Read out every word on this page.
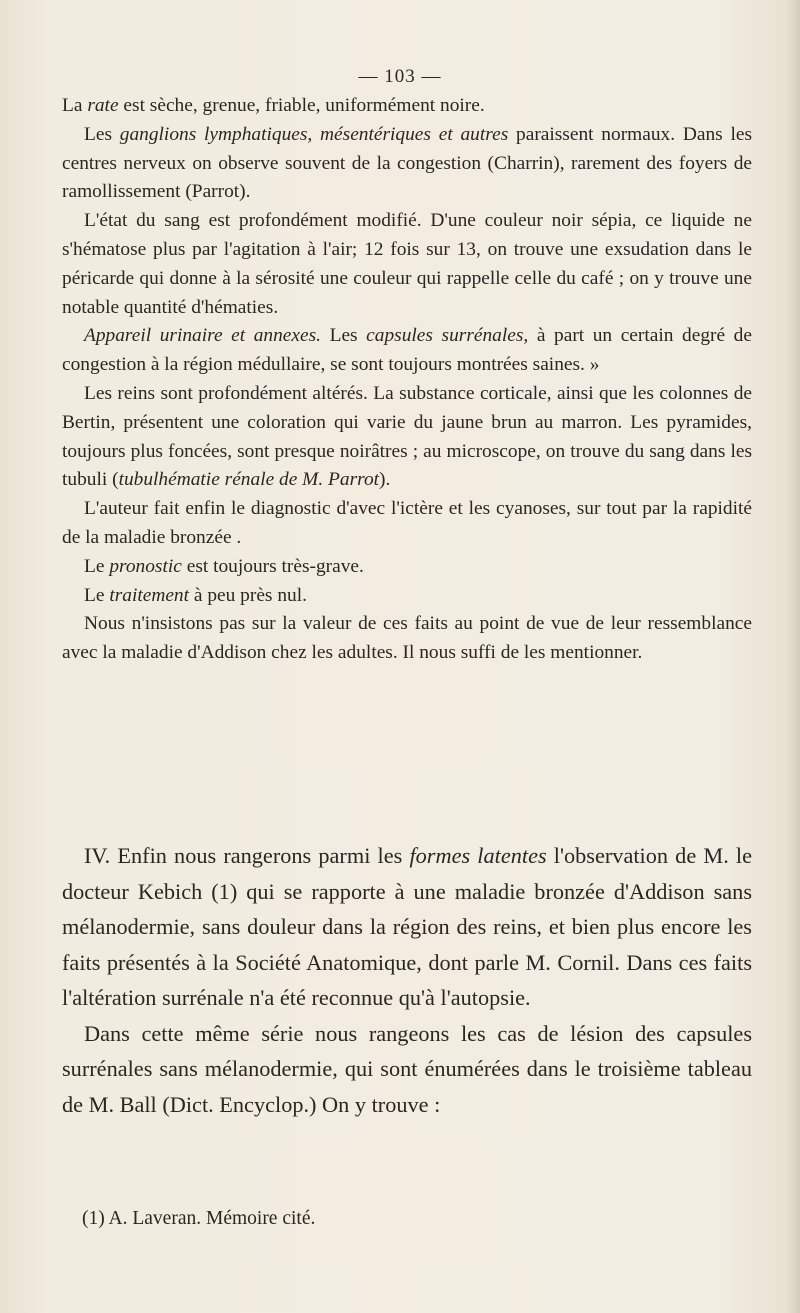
— 103 —

La rate est sèche, grenue, friable, uniformément noire.

Les ganglions lymphatiques, mésentériques et autres paraissent normaux. Dans les centres nerveux on observe souvent de la congestion (Charrin), rarement des foyers de ramollissement (Parrot).

L'état du sang est profondément modifié. D'une couleur noir sépia, ce liquide ne s'hématose plus par l'agitation à l'air; 12 fois sur 13, on trouve une exsudation dans le péricarde qui donne à la sérosité une couleur qui rappelle celle du café ; on y trouve une notable quantité d'hématies.

Appareil urinaire et annexes. Les capsules surrénales, à part un certain degré de congestion à la région médullaire, se sont toujours montrées saines. »

Les reins sont profondément altérés. La substance corticale, ainsi que les colonnes de Bertin, présentent une coloration qui varie du jaune brun au marron. Les pyramides, toujours plus foncées, sont presque noirâtres ; au microscope, on trouve du sang dans les tubuli (tubulhématie rénale de M. Parrot).

L'auteur fait enfin le diagnostic d'avec l'ictère et les cyanoses, sur tout par la rapidité de la maladie bronzée .

Le pronostic est toujours très-grave.

Le traitement à peu près nul.

Nous n'insistons pas sur la valeur de ces faits au point de vue de leur ressemblance avec la maladie d'Addison chez les adultes. Il nous suffi de les mentionner.

IV. Enfin nous rangerons parmi les formes latentes l'observation de M. le docteur Kebich (1) qui se rapporte à une maladie bronzée d'Addison sans mélanodermie, sans douleur dans la région des reins, et bien plus encore les faits présentés à la Société Anatomique, dont parle M. Cornil. Dans ces faits l'altération surrénale n'a été reconnue qu'à l'autopsie.

Dans cette même série nous rangeons les cas de lésion des capsules surrénales sans mélanodermie, qui sont énumérées dans le troisième tableau de M. Ball (Dict. Encyclop.) On y trouve :

(1) A. Laveran. Mémoire cité.
